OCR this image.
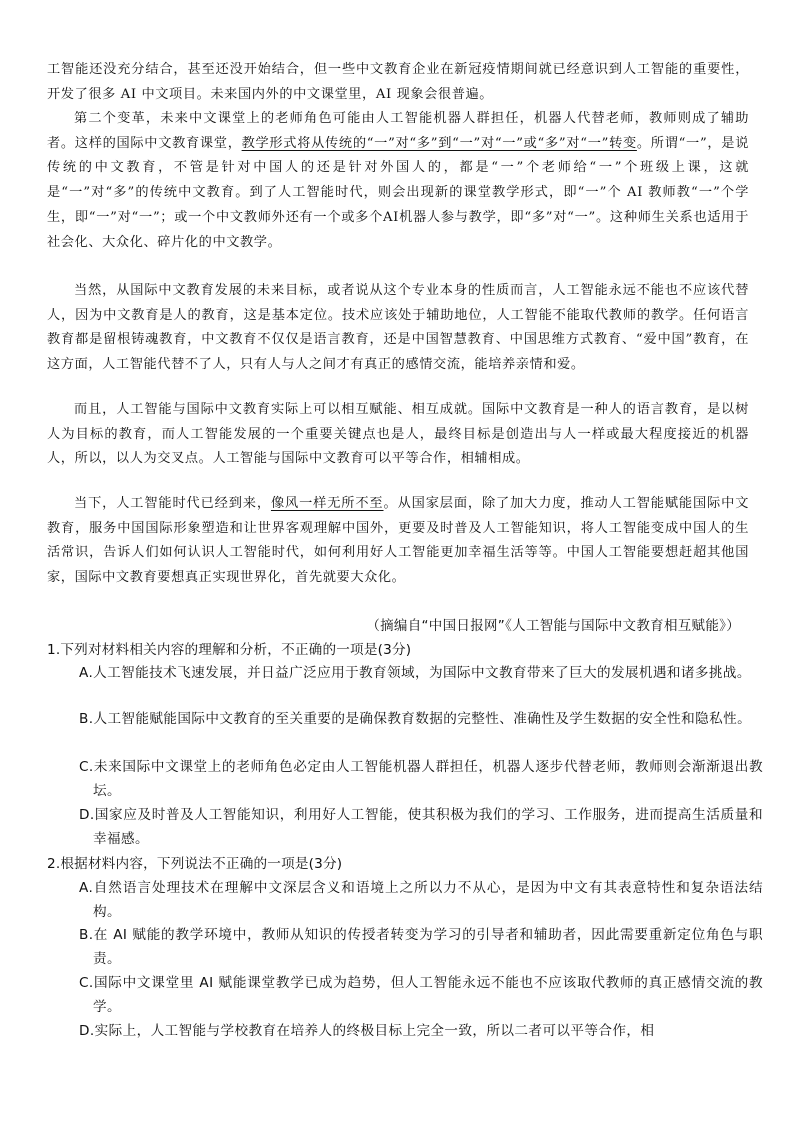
工智能还没充分结合，甚至还没开始结合，但一些中文教育企业在新冠疫情期间就已经意识到人工智能的重要性，开发了很多 AI 中文项目。未来国内外的中文课堂里，AI 现象会很普遍。

第二个变革，未来中文课堂上的老师角色可能由人工智能机器人群担任，机器人代替老师，教师则成了辅助者。这样的国际中文教育课堂，教学形式将从传统的“一”对“多”到“一”对“一”或“多”对“一”转变。所谓“一”，是说传统的中文教育，不管是针对中国人的还是针对外国人的，都是“一”个老师给“一”个班级上课，这就是“一”对“多”的传统中文教育。到了人工智能时代，则会出现新的课堂教学形式，即“一”个 AI 教师教“一”个学生，即“一”对“一”；或一个中文教师外还有一个或多个AI机器人参与教学，即“多”对“一”。这种师生关系也适用于社会化、大众化、碎片化的中文教学。

当然，从国际中文教育发展的未来目标，或者说从这个专业本身的性质而言，人工智能永远不能也不应该代替人，因为中文教育是人的教育，这是基本定位。技术应该处于辅助地位，人工智能不能取代教师的教学。任何语言教育都是留根铸魂教育，中文教育不仅仅是语言教育，还是中国智慧教育、中国思维方式教育、“爱中国”教育，在这方面，人工智能代替不了人，只有人与人之间才有真正的感情交流，能培养亲情和爱。

而且，人工智能与国际中文教育实际上可以相互赋能、相互成就。国际中文教育是一种人的语言教育，是以树人为目标的教育，而人工智能发展的一个重要关键点也是人，最终目标是创造出与人一样或最大程度接近的机器人，所以，以人为交叉点。人工智能与国际中文教育可以平等合作，相辅相成。

当下，人工智能时代已经到来，像风一样无所不至。从国家层面，除了加大力度，推动人工智能赋能国际中文教育，服务中国国际形象塑造和让世界客观理解中国外，更要及时普及人工智能知识，将人工智能变成中国人的生活常识，告诉人们如何认识人工智能时代，如何利用好人工智能更加幸福生活等等。中国人工智能要想赶超其他国家，国际中文教育要想真正实现世界化，首先就要大众化。

（摘编自“中国日报网”《人工智能与国际中文教育相互赋能》）

1.下列对材料相关内容的理解和分析，不正确的一项是(3分)

A.人工智能技术飞速发展，并日益广泛应用于教育领域，为国际中文教育带来了巨大的发展机遇和诸多挑战。

B.人工智能赋能国际中文教育的至关重要的是确保教育数据的完整性、准确性及学生数据的安全性和隐私性。

C.未来国际中文课堂上的老师角色必定由人工智能机器人群担任，机器人逐步代替老师，教师则会渐渐退出教坛。

D.国家应及时普及人工智能知识，利用好人工智能，使其积极为我们的学习、工作服务，进而提高生活质量和幸福感。

2.根据材料内容，下列说法不正确的一项是(3分)

A.自然语言处理技术在理解中文深层含义和语境上之所以力不从心，是因为中文有其表意特性和复杂语法结构。

B.在 AI 赋能的教学环境中，教师从知识的传授者转变为学习的引导者和辅助者，因此需要重新定位角色与职责。

C.国际中文课堂里 AI 赋能课堂教学已成为趋势，但人工智能永远不能也不应该取代教师的真正感情交流的教学。

D.实际上，人工智能与学校教育在培养人的终极目标上完全一致，所以二者可以平等合作，相
